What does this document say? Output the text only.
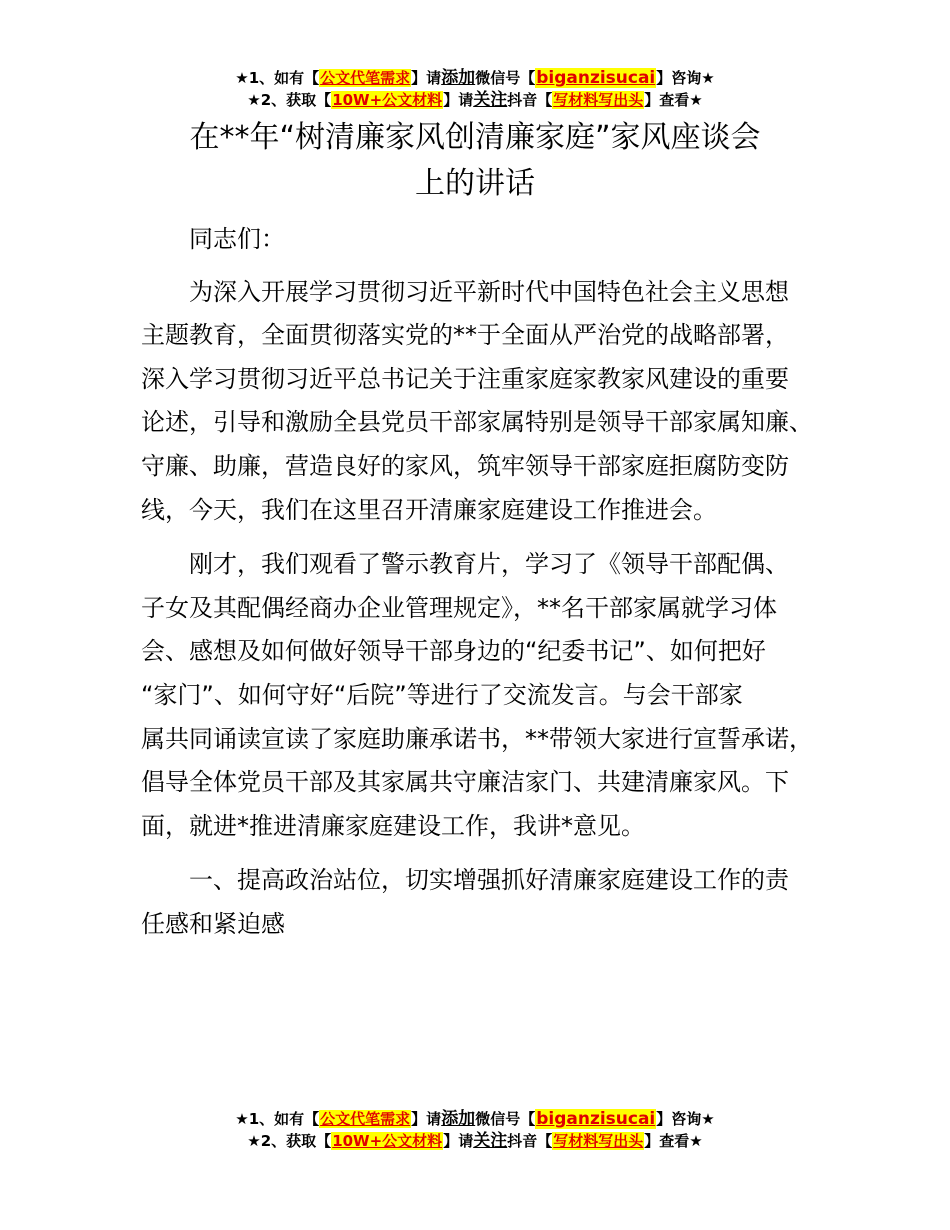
★1、如有【公文代笔需求】请添加微信号【biganzisucai】咨询★
★2、获取【10W+公文材料】请关注抖音【写材料写出头】查看★
在**年“树清廉家风创清廉家庭”家风座谈会
上的讲话
同志们：
为深入开展学习贯彻习近平新时代中国特色社会主义思想
主题教育，全面贯彻落实党的**于全面从严治党的战略部署，
深入学习贯彻习近平总书记关于注重家庭家教家风建设的重要
论述，引导和激励全县党员干部家属特别是领导干部家属知廉、
守廉、助廉，营造良好的家风，筑牢领导干部家庭拒腐防变防
线，今天，我们在这里召开清廉家庭建设工作推进会。
刚才，我们观看了警示教育片，学习了《领导干部配偶、
子女及其配偶经商办企业管理规定》，**名干部家属就学习体
会、感想及如何做好领导干部身边的“纪委书记”、如何把好
“家门”、如何守好“后院”等进行了交流发言。与会干部家
属共同诵读宣读了家庭助廉承诺书，**带领大家进行宣誓承诺，
倡导全体党员干部及其家属共守廉洁家门、共建清廉家风。下
面，就进*推进清廉家庭建设工作，我讲*意见。
一、提高政治站位，切实增强抓好清廉家庭建设工作的责
任感和紧迫感
★1、如有【公文代笔需求】请添加微信号【biganzisucai】咨询★
★2、获取【10W+公文材料】请关注抖音【写材料写出头】查看★
